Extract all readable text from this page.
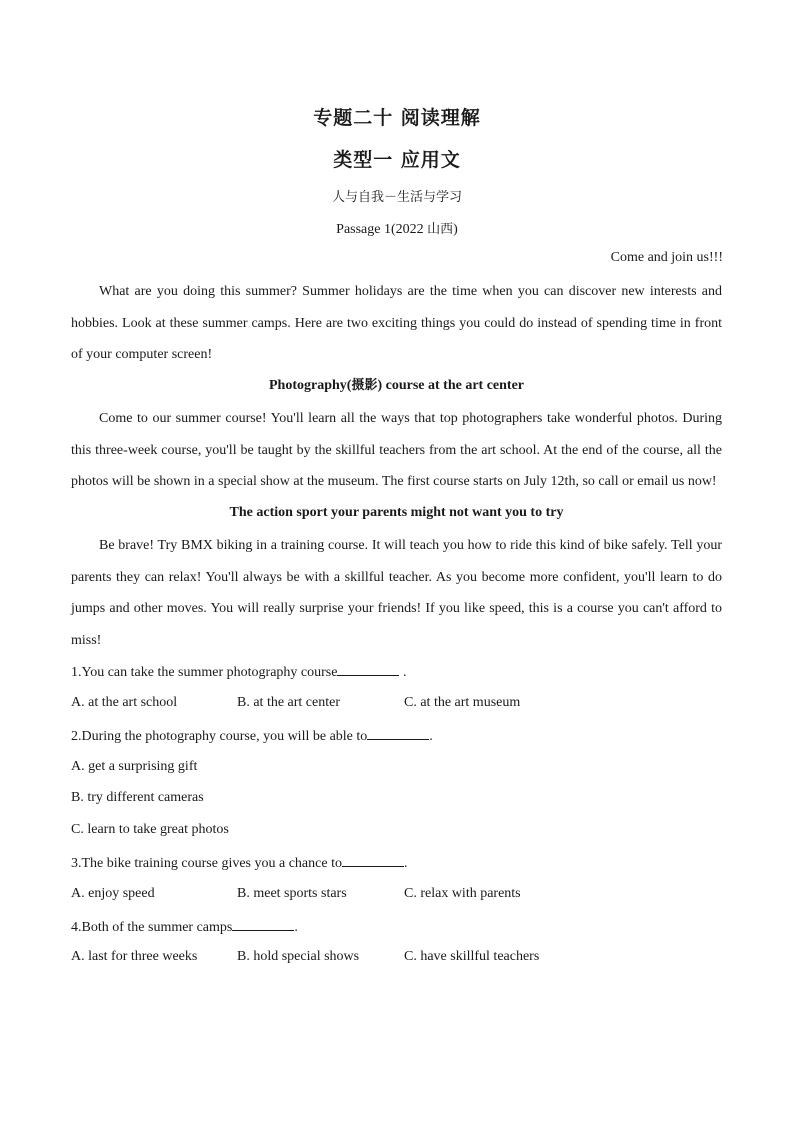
专题二十 阅读理解
类型一 应用文
人与自我－生活与学习
Passage 1(2022 山西)
Come and join us!!!

What are you doing this summer? Summer holidays are the time when you can discover new interests and hobbies. Look at these summer camps. Here are two exciting things you could do instead of spending time in front of your computer screen!

Photography(摄影) course at the art center

Come to our summer course! You'll learn all the ways that top photographers take wonderful photos. During this three-week course, you'll be taught by the skillful teachers from the art school. At the end of the course, all the photos will be shown in a special show at the museum. The first course starts on July 12th, so call or email us now!

The action sport your parents might not want you to try

Be brave! Try BMX biking in a training course. It will teach you how to ride this kind of bike safely. Tell your parents they can relax! You'll always be with a skillful teacher. As you become more confident, you'll learn to do jumps and other moves. You will really surprise your friends! If you like speed, this is a course you can't afford to miss!

1.You can take the summer photography course	.
A. at the art school	B. at the art center	C. at the art museum
2.During the photography course, you will be able to	.
A. get a surprising gift
B. try different cameras
C. learn to take great photos
3.The bike training course gives you a chance to	.
A. enjoy speed	B. meet sports stars	C. relax with parents
4.Both of the summer camps	.
A. last for three weeks	B. hold special shows	C. have skillful teachers
